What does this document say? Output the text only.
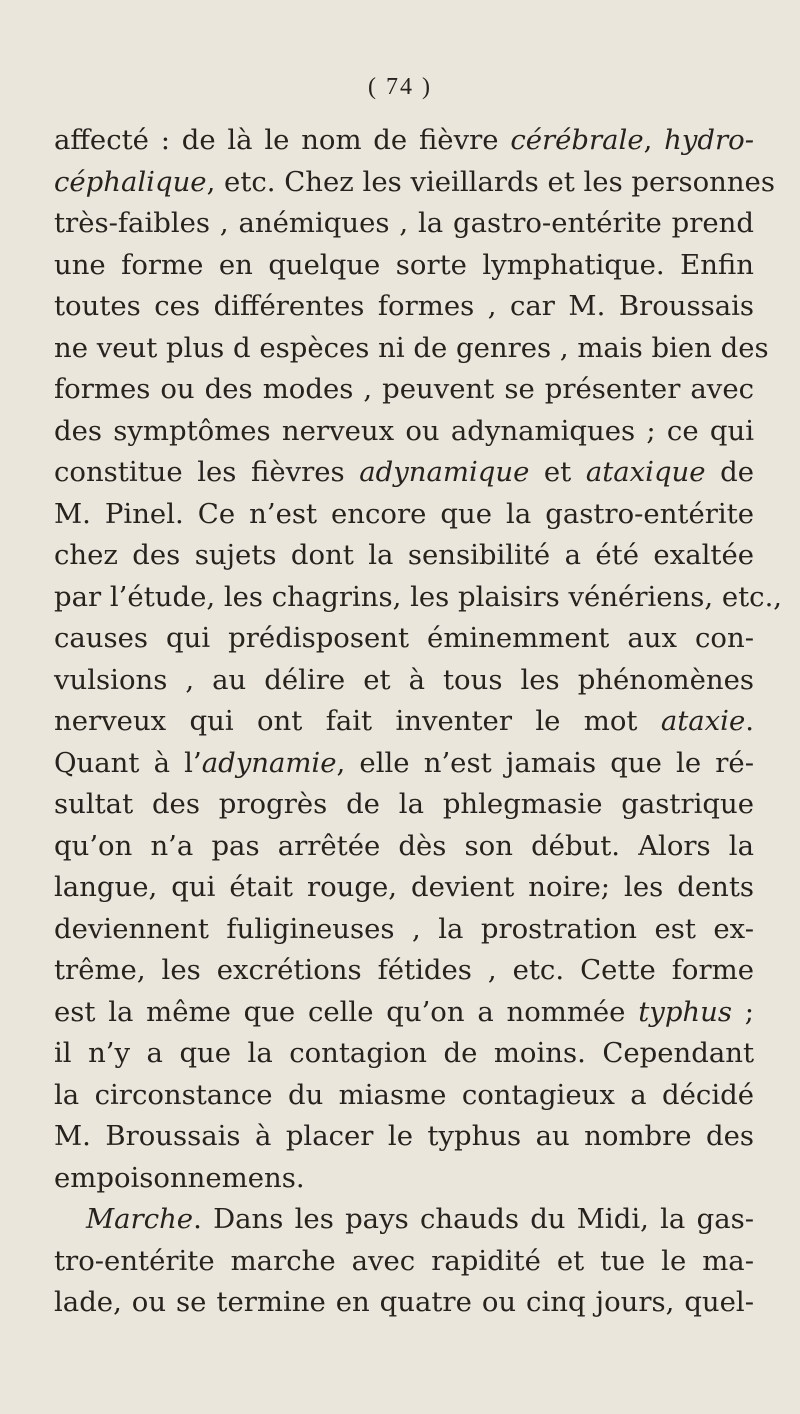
( 74 )
affecté : de là le nom de fièvre cérébrale, hydro-
céphalique, etc. Chez les vieillards et les personnes
très-faibles , anémiques , la gastro-entérite prend
une forme en quelque sorte lymphatique. Enfin
toutes ces différentes formes , car M. Broussais
ne veut plus d espèces ni de genres , mais bien des
formes ou des modes , peuvent se présenter avec
des symptômes nerveux ou adynamiques ; ce qui
constitue les fièvres adynamique et ataxique de
M. Pinel. Ce n’est encore que la gastro-entérite
chez des sujets dont la sensibilité a été exaltée
par l’étude, les chagrins, les plaisirs vénériens, etc.,
causes qui prédisposent éminemment aux con-
vulsions , au délire et à tous les phénomènes
nerveux qui ont fait inventer le mot ataxie.
Quant à l’adynamie, elle n’est jamais que le ré-
sultat des progrès de la phlegmasie gastrique
qu’on n’a pas arrêtée dès son début. Alors la
langue, qui était rouge, devient noire; les dents
deviennent fuligineuses , la prostration est ex-
trême, les excrétions fétides , etc. Cette forme
est la même que celle qu’on a nommée typhus ;
il n’y a que la contagion de moins. Cependant
la circonstance du miasme contagieux a décidé
M. Broussais à placer le typhus au nombre des
empoisonnemens.
Marche. Dans les pays chauds du Midi, la gas-
tro-entérite marche avec rapidité et tue le ma-
lade, ou se termine en quatre ou cinq jours, quel-
